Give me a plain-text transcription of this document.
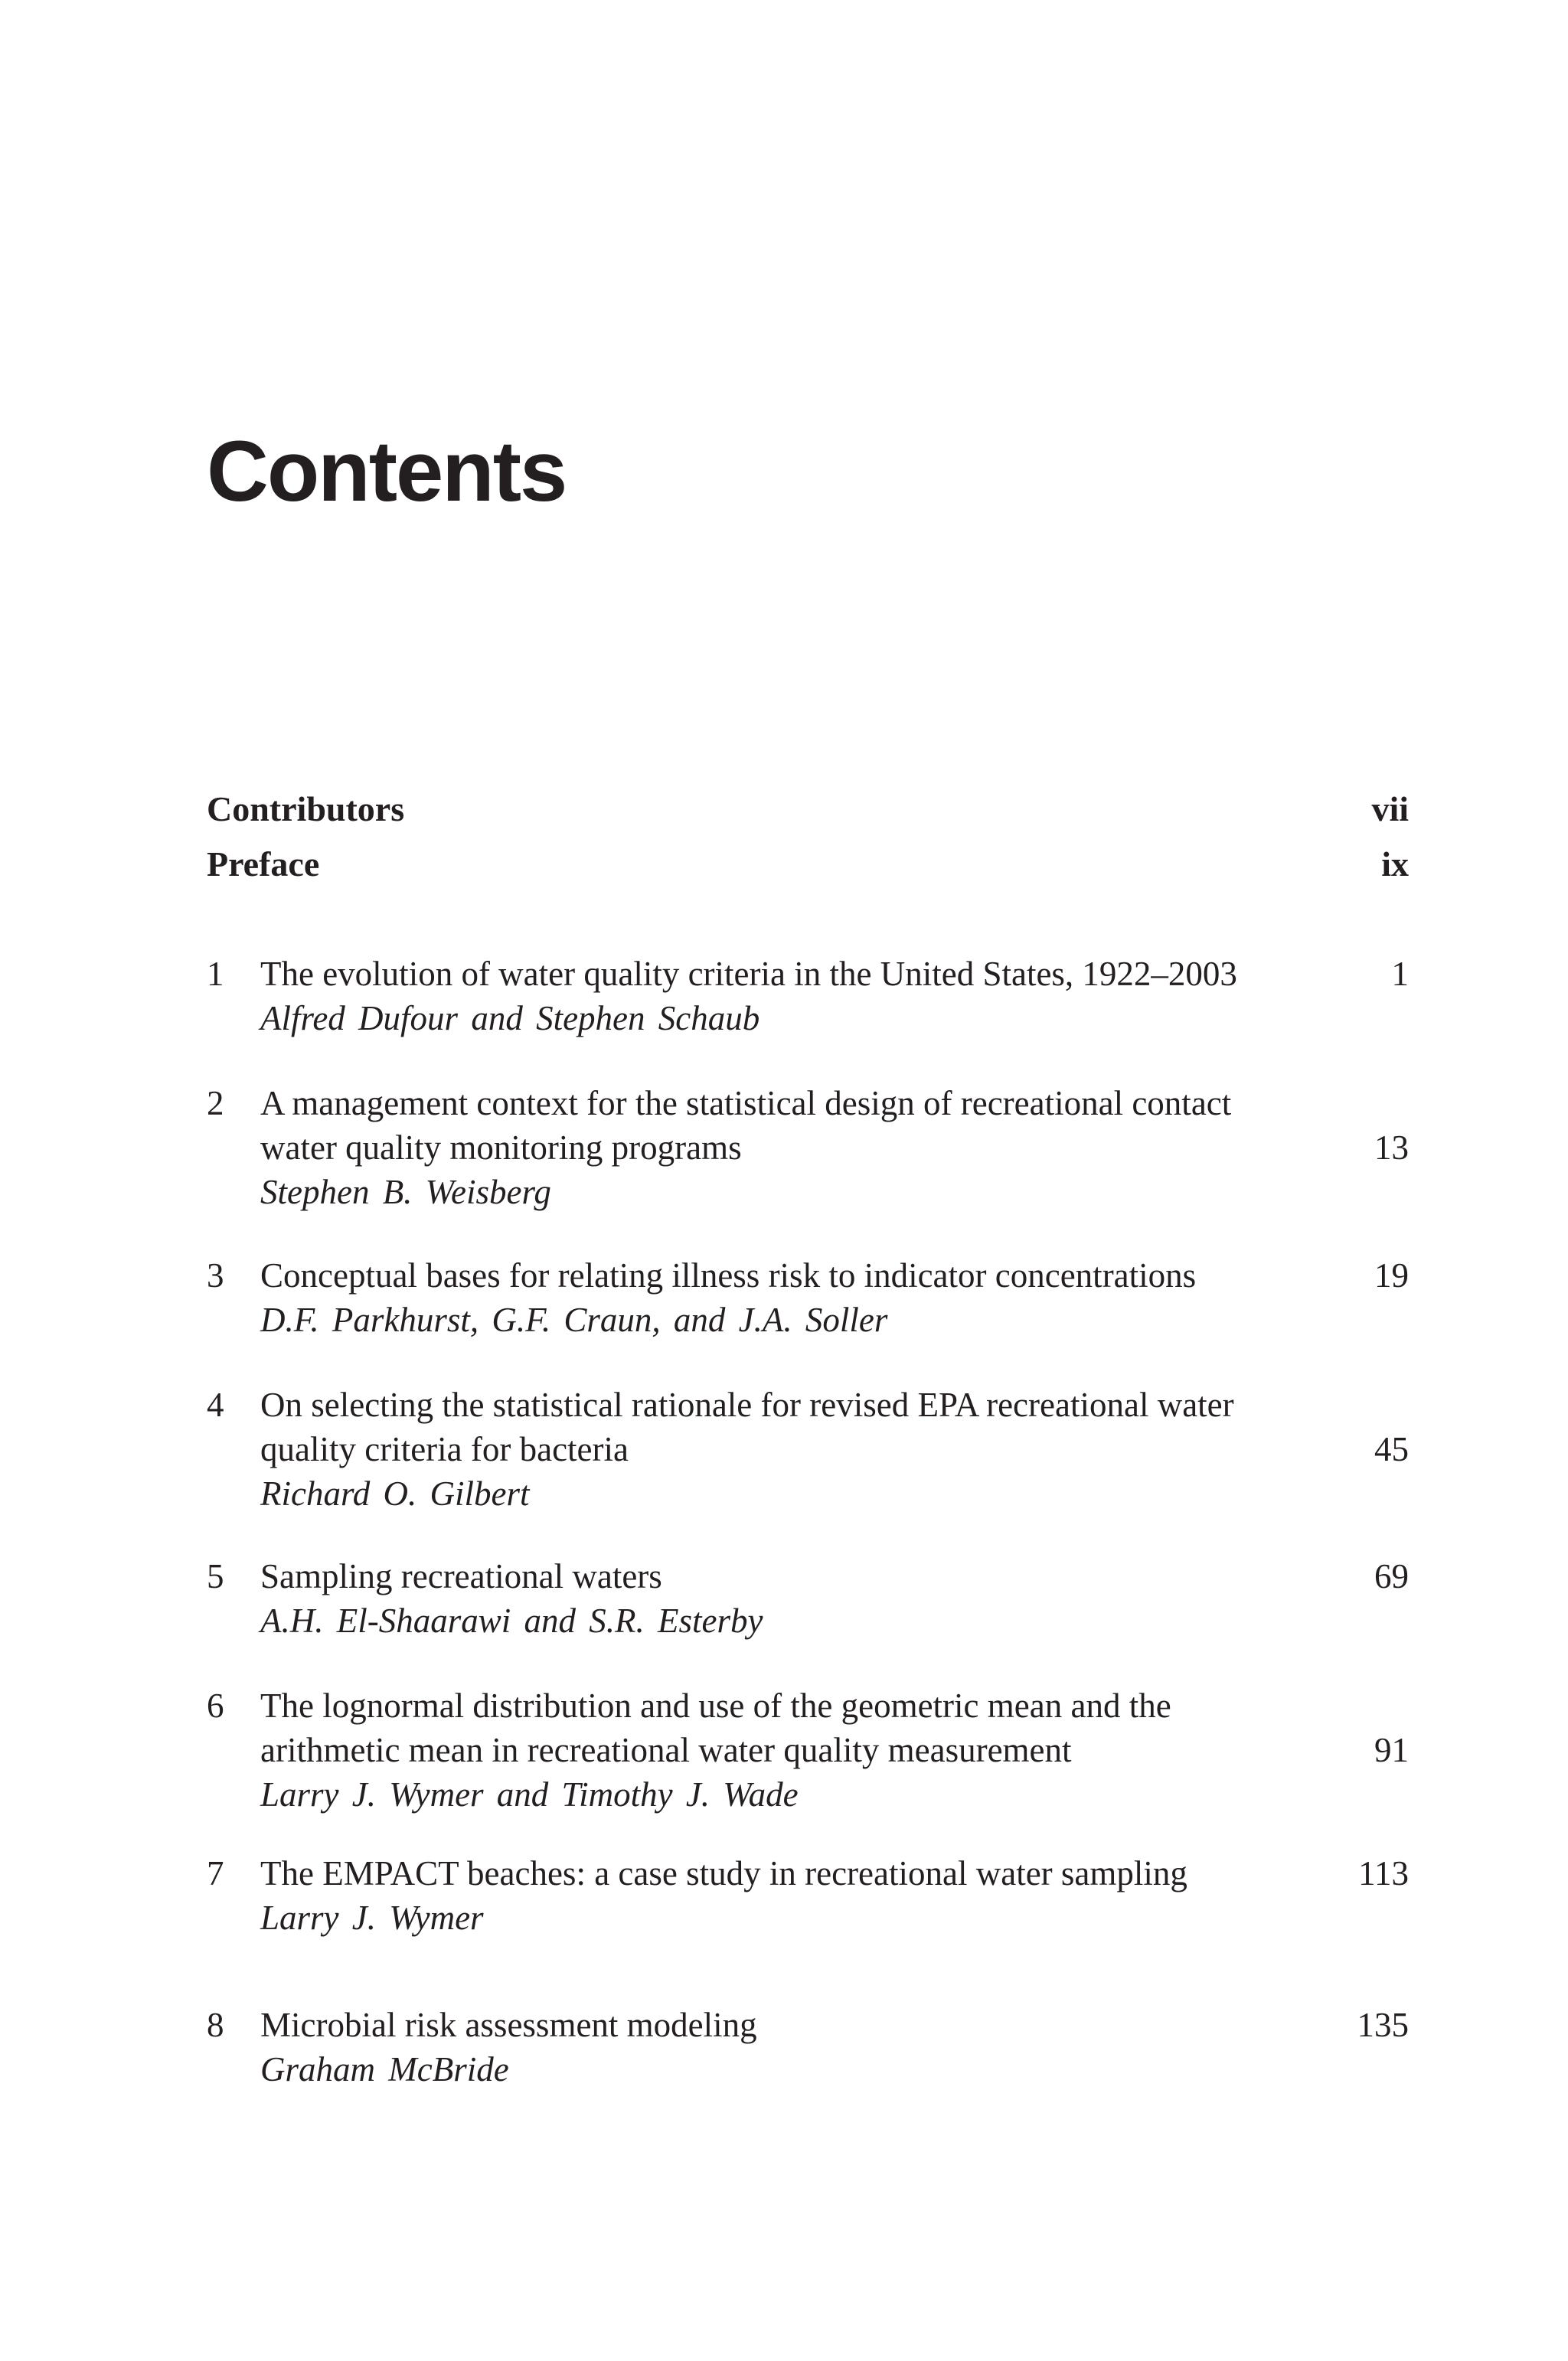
Contents
Contributors	vii
Preface	ix
1	The evolution of water quality criteria in the United States, 1922–2003	1
Alfred Dufour and Stephen Schaub
2	A management context for the statistical design of recreational contact
water quality monitoring programs	13
Stephen B. Weisberg
3	Conceptual bases for relating illness risk to indicator concentrations	19
D.F. Parkhurst, G.F. Craun, and J.A. Soller
4	On selecting the statistical rationale for revised EPA recreational water
quality criteria for bacteria	45
Richard O. Gilbert
5	Sampling recreational waters	69
A.H. El-Shaarawi and S.R. Esterby
6	The lognormal distribution and use of the geometric mean and the
arithmetic mean in recreational water quality measurement	91
Larry J. Wymer and Timothy J. Wade
7	The EMPACT beaches: a case study in recreational water sampling	113
Larry J. Wymer
8	Microbial risk assessment modeling	135
Graham McBride
